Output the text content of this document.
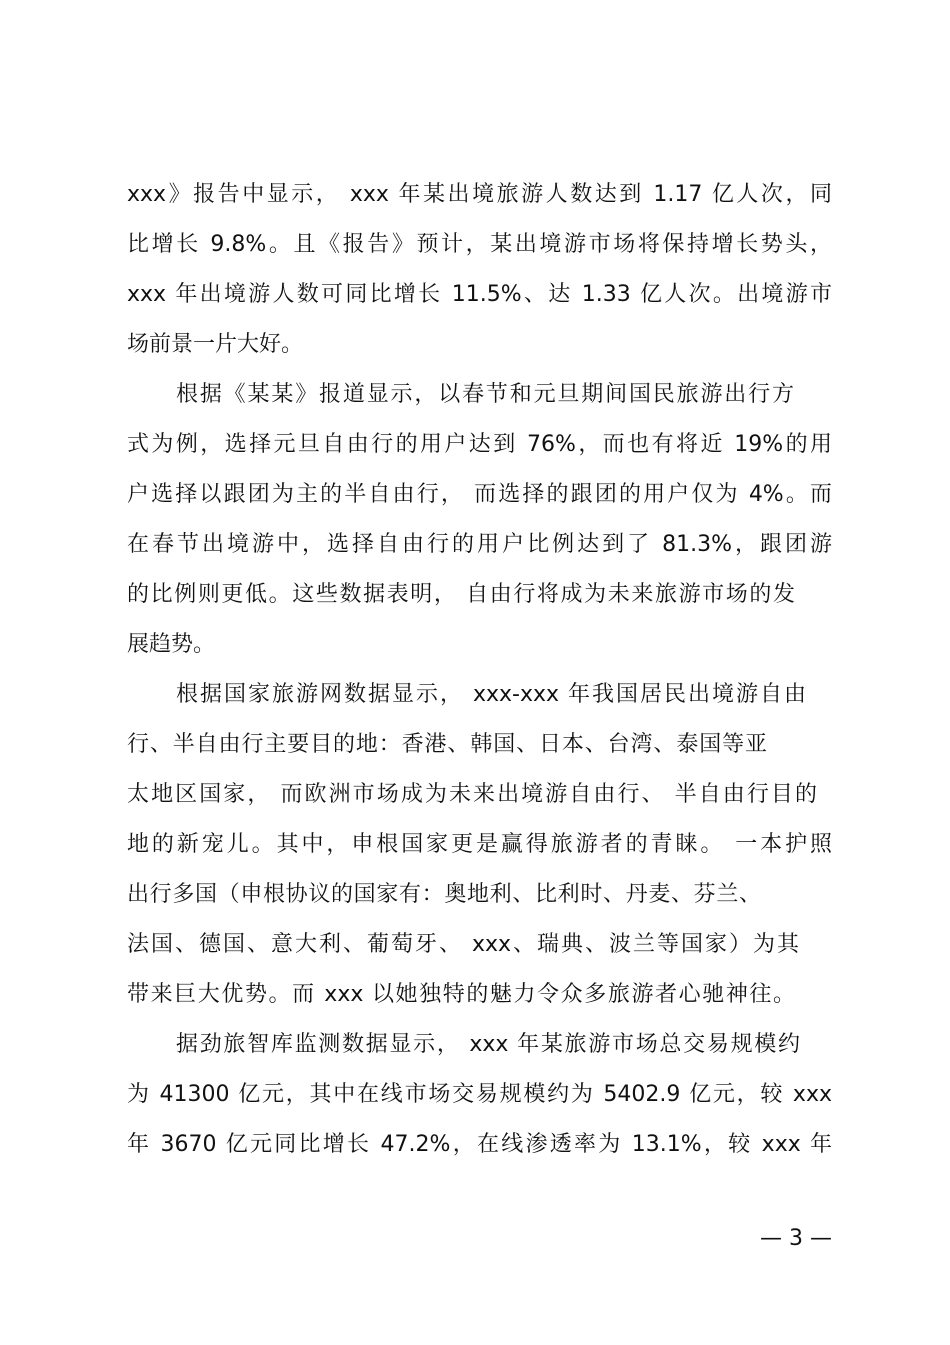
xxx》报告中显示， xxx 年某出境旅游人数达到 1.17 亿人次，同
比增长 9.8%。且《报告》预计，某出境游市场将保持增长势头，
xxx 年出境游人数可同比增长 11.5%、达 1.33 亿人次。出境游市
场前景一片大好。
根据《某某》报道显示，以春节和元旦期间国民旅游出行方
式为例，选择元旦自由行的用户达到 76%，而也有将近 19%的用
户选择以跟团为主的半自由行， 而选择的跟团的用户仅为 4%。而
在春节出境游中，选择自由行的用户比例达到了 81.3%，跟团游
的比例则更低。这些数据表明， 自由行将成为未来旅游市场的发
展趋势。
根据国家旅游网数据显示， xxx-xxx 年我国居民出境游自由
行、半自由行主要目的地：香港、韩国、日本、台湾、泰国等亚
太地区国家， 而欧洲市场成为未来出境游自由行、 半自由行目的
地的新宠儿。其中，申根国家更是赢得旅游者的青睐。 一本护照
出行多国（申根协议的国家有：奥地利、比利时、丹麦、芬兰、
法国、德国、意大利、葡萄牙、 xxx、瑞典、波兰等国家）为其
带来巨大优势。而 xxx 以她独特的魅力令众多旅游者心驰神往。
据劲旅智库监测数据显示， xxx 年某旅游市场总交易规模约
为 41300 亿元，其中在线市场交易规模约为 5402.9 亿元，较 xxx
年 3670 亿元同比增长 47.2%，在线渗透率为 13.1%，较 xxx 年
— 3 —
